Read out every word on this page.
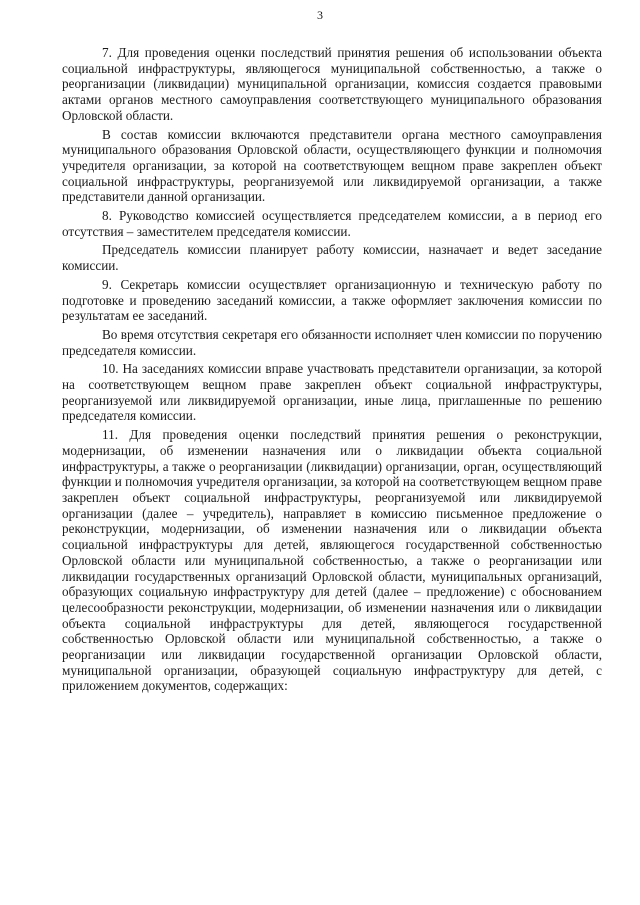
3

7. Для проведения оценки последствий принятия решения об использовании объекта социальной инфраструктуры, являющегося муниципальной собственностью, а также о реорганизации (ликвидации) муниципальной организации, комиссия создается правовыми актами органов местного самоуправления соответствующего муниципального образования Орловской области.

В состав комиссии включаются представители органа местного самоуправления муниципального образования Орловской области, осуществляющего функции и полномочия учредителя организации, за которой на соответствующем вещном праве закреплен объект социальной инфраструктуры, реорганизуемой или ликвидируемой организации, а также представители данной организации.

8. Руководство комиссией осуществляется председателем комиссии, а в период его отсутствия – заместителем председателя комиссии.

Председатель комиссии планирует работу комиссии, назначает и ведет заседание комиссии.

9. Секретарь комиссии осуществляет организационную и техническую работу по подготовке и проведению заседаний комиссии, а также оформляет заключения комиссии по результатам ее заседаний.

Во время отсутствия секретаря его обязанности исполняет член комиссии по поручению председателя комиссии.

10. На заседаниях комиссии вправе участвовать представители организации, за которой на соответствующем вещном праве закреплен объект социальной инфраструктуры, реорганизуемой или ликвидируемой организации, иные лица, приглашенные по решению председателя комиссии.

11. Для проведения оценки последствий принятия решения о реконструкции, модернизации, об изменении назначения или о ликвидации объекта социальной инфраструктуры, а также о реорганизации (ликвидации) организации, орган, осуществляющий функции и полномочия учредителя организации, за которой на соответствующем вещном праве закреплен объект социальной инфраструктуры, реорганизуемой или ликвидируемой организации (далее – учредитель), направляет в комиссию письменное предложение о реконструкции, модернизации, об изменении назначения или о ликвидации объекта социальной инфраструктуры для детей, являющегося государственной собственностью Орловской области или муниципальной собственностью, а также о реорганизации или ликвидации государственных организаций Орловской области, муниципальных организаций, образующих социальную инфраструктуру для детей (далее – предложение) с обоснованием целесообразности реконструкции, модернизации, об изменении назначения или о ликвидации объекта социальной инфраструктуры для детей, являющегося государственной собственностью Орловской области или муниципальной собственностью, а также о реорганизации или ликвидации государственной организации Орловской области, муниципальной организации, образующей социальную инфраструктуру для детей, с приложением документов, содержащих:
